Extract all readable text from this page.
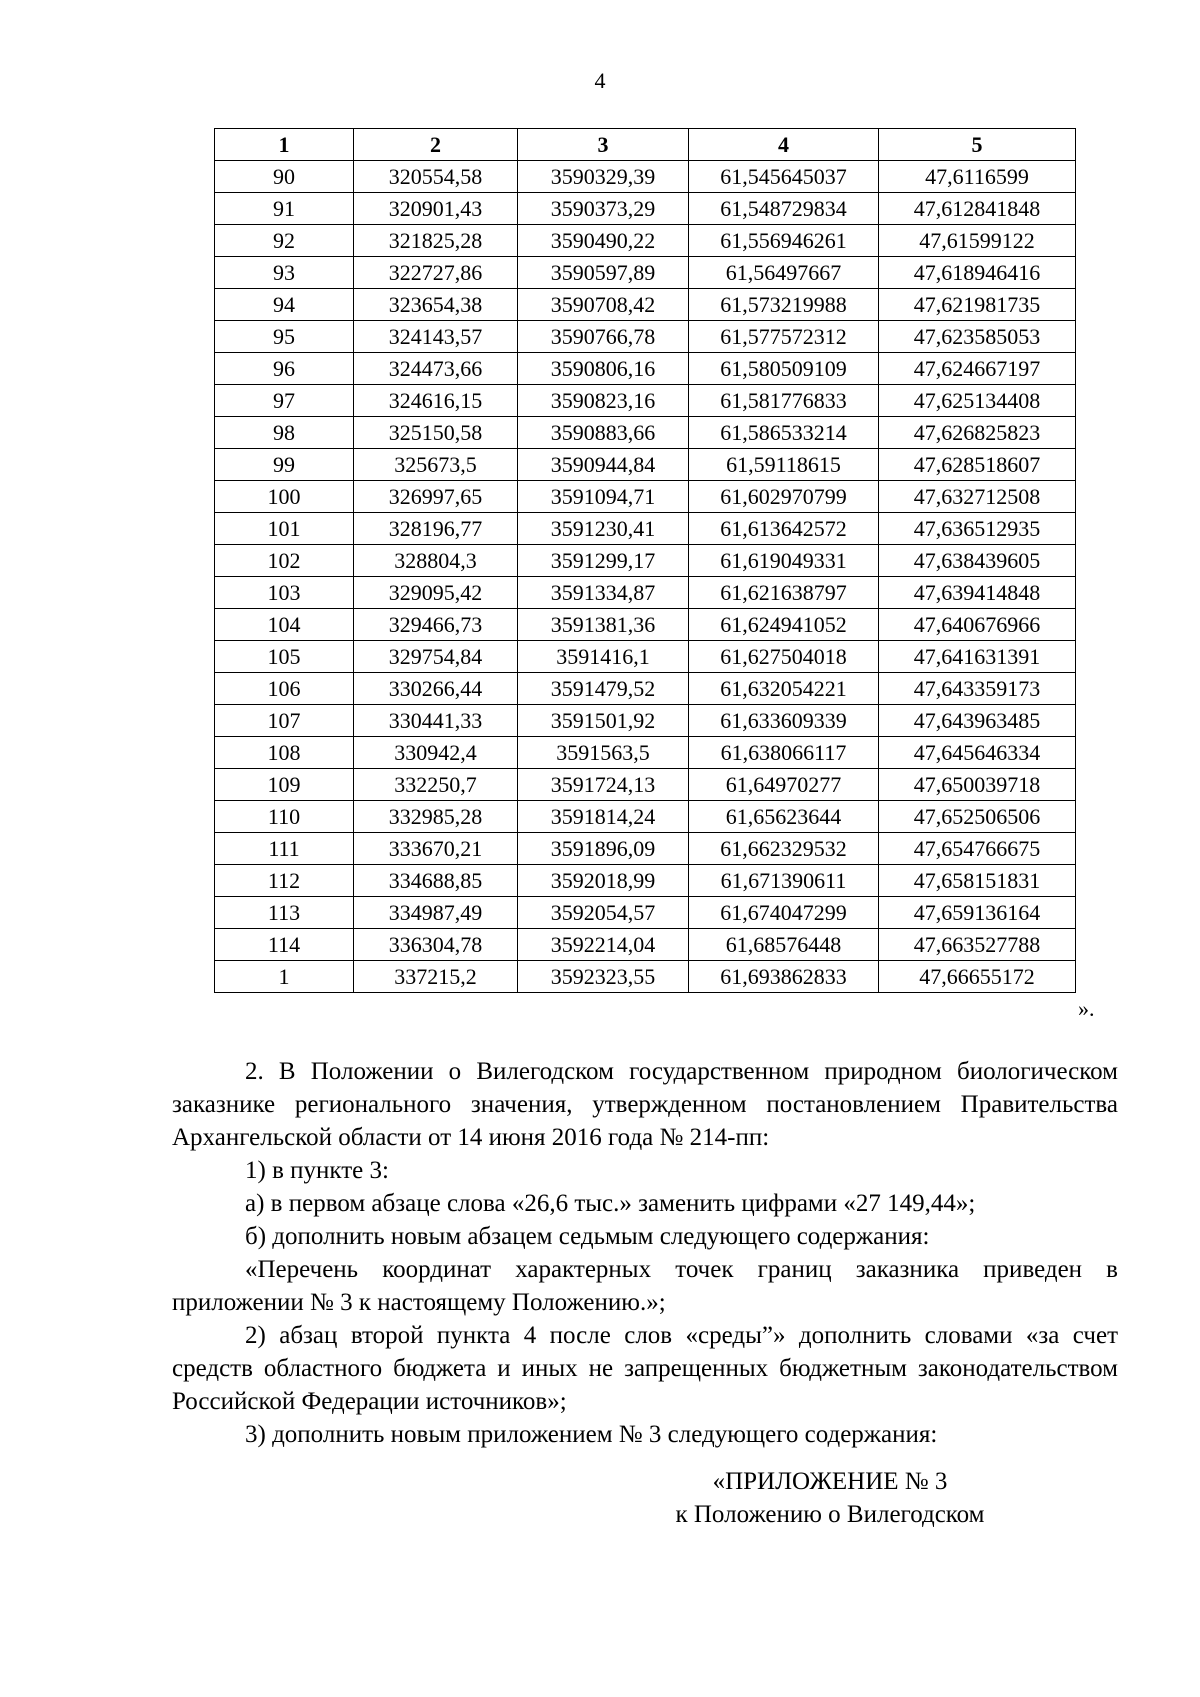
4
1	2	3	4	5
90	320554,58	3590329,39	61,545645037	47,6116599
91	320901,43	3590373,29	61,548729834	47,612841848
92	321825,28	3590490,22	61,556946261	47,61599122
93	322727,86	3590597,89	61,56497667	47,618946416
94	323654,38	3590708,42	61,573219988	47,621981735
95	324143,57	3590766,78	61,577572312	47,623585053
96	324473,66	3590806,16	61,580509109	47,624667197
97	324616,15	3590823,16	61,581776833	47,625134408
98	325150,58	3590883,66	61,586533214	47,626825823
99	325673,5	3590944,84	61,59118615	47,628518607
100	326997,65	3591094,71	61,602970799	47,632712508
101	328196,77	3591230,41	61,613642572	47,636512935
102	328804,3	3591299,17	61,619049331	47,638439605
103	329095,42	3591334,87	61,621638797	47,639414848
104	329466,73	3591381,36	61,624941052	47,640676966
105	329754,84	3591416,1	61,627504018	47,641631391
106	330266,44	3591479,52	61,632054221	47,643359173
107	330441,33	3591501,92	61,633609339	47,643963485
108	330942,4	3591563,5	61,638066117	47,645646334
109	332250,7	3591724,13	61,64970277	47,650039718
110	332985,28	3591814,24	61,65623644	47,652506506
111	333670,21	3591896,09	61,662329532	47,654766675
112	334688,85	3592018,99	61,671390611	47,658151831
113	334987,49	3592054,57	61,674047299	47,659136164
114	336304,78	3592214,04	61,68576448	47,663527788
1	337215,2	3592323,55	61,693862833	47,66655172
».

2. В Положении о Вилегодском государственном природном биологическом заказнике регионального значения, утвержденном постановлением Правительства Архангельской области от 14 июня 2016 года № 214-пп:

1) в пункте 3:

а) в первом абзаце слова «26,6 тыс.» заменить цифрами «27 149,44»;

б) дополнить новым абзацем седьмым следующего содержания:

«Перечень координат характерных точек границ заказника приведен в приложении № 3 к настоящему Положению.»;

2) абзац второй пункта 4 после слов «среды”» дополнить словами «за счет средств областного бюджета и иных не запрещенных бюджетным законодательством Российской Федерации источников»;

3) дополнить новым приложением № 3 следующего содержания:

«ПРИЛОЖЕНИЕ № 3
к Положению о Вилегодском
